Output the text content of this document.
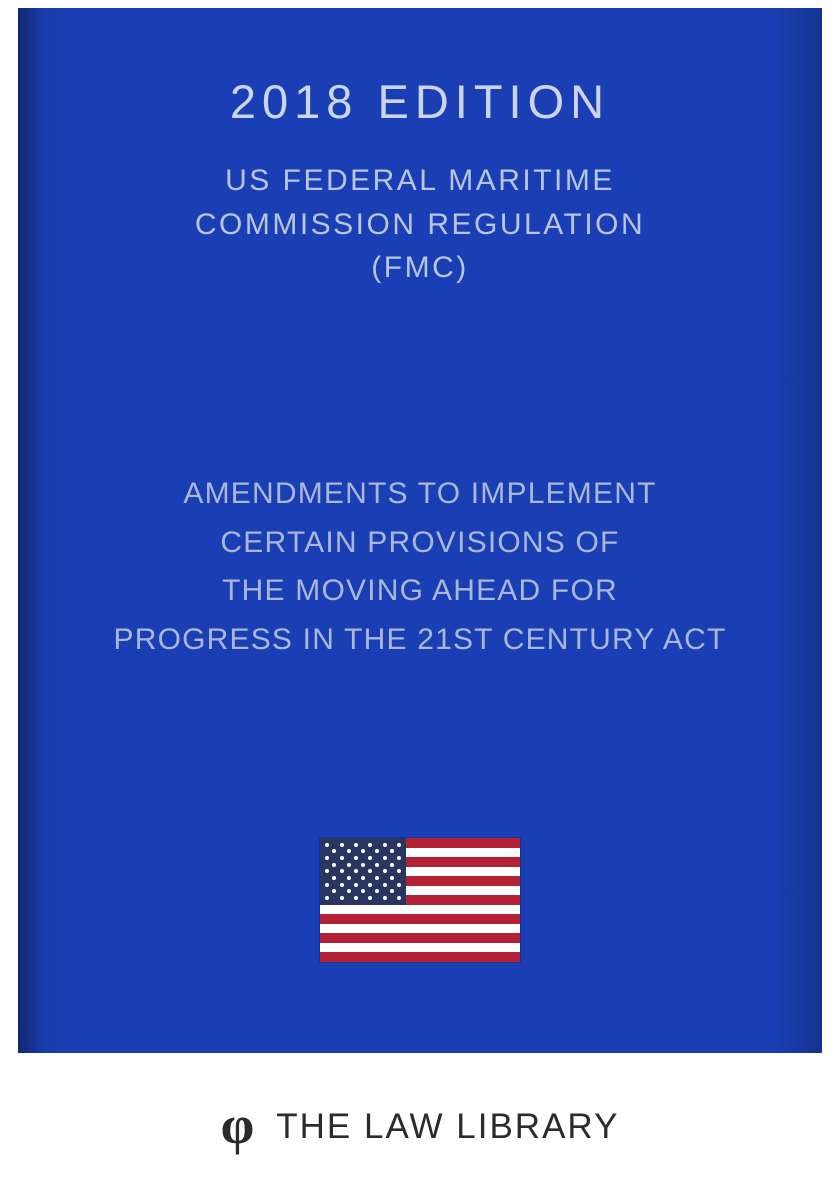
2018 EDITION
US FEDERAL MARITIME
COMMISSION REGULATION
(FMC)
AMENDMENTS TO IMPLEMENT
CERTAIN PROVISIONS OF
THE MOVING AHEAD FOR
PROGRESS IN THE 21ST CENTURY ACT
φ THE LAW LIBRARY
